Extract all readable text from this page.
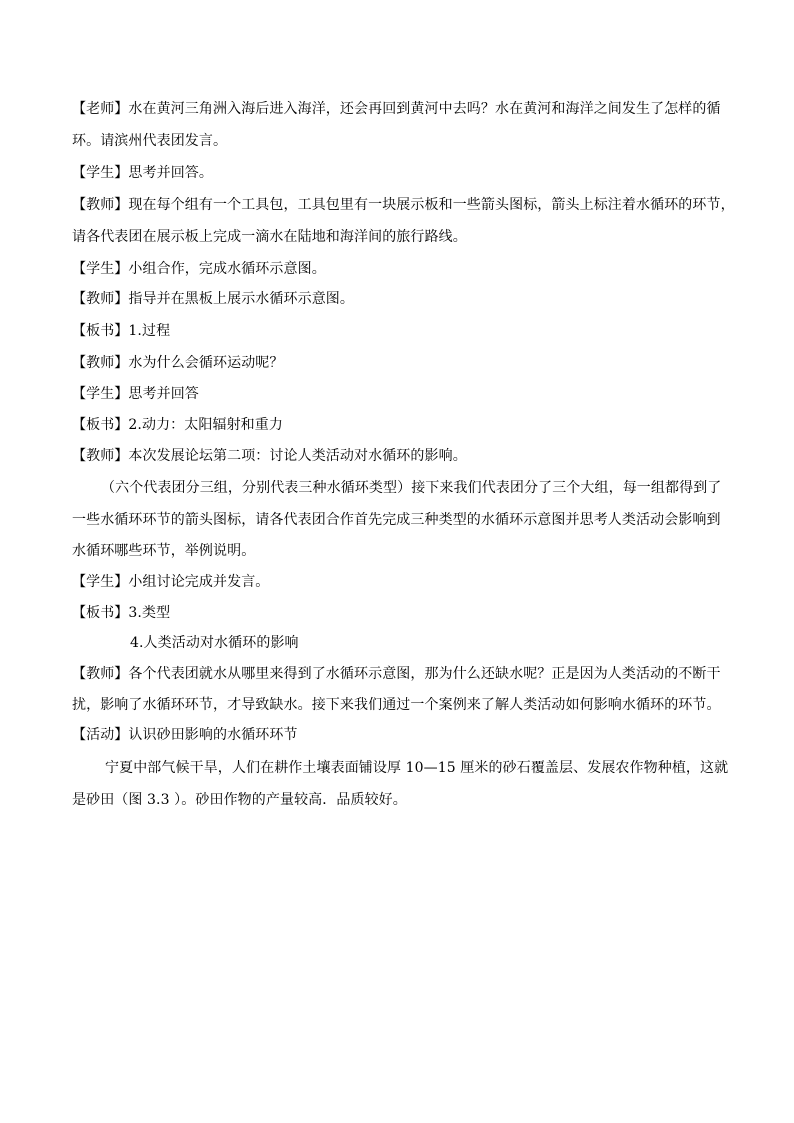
【老师】水在黄河三角洲入海后进入海洋，还会再回到黄河中去吗？水在黄河和海洋之间发生了怎样的循
环。请滨州代表团发言。
【学生】思考并回答。
【教师】现在每个组有一个工具包，工具包里有一块展示板和一些箭头图标，箭头上标注着水循环的环节，
请各代表团在展示板上完成一滴水在陆地和海洋间的旅行路线。
【学生】小组合作，完成水循环示意图。
【教师】指导并在黑板上展示水循环示意图。
【板书】1.过程
【教师】水为什么会循环运动呢？
【学生】思考并回答
【板书】2.动力：太阳辐射和重力
【教师】本次发展论坛第二项：讨论人类活动对水循环的影响。
（六个代表团分三组，分别代表三种水循环类型）接下来我们代表团分了三个大组，每一组都得到了
一些水循环环节的箭头图标，请各代表团合作首先完成三种类型的水循环示意图并思考人类活动会影响到
水循环哪些环节，举例说明。
【学生】小组讨论完成并发言。
【板书】3.类型
4.人类活动对水循环的影响
【教师】各个代表团就水从哪里来得到了水循环示意图，那为什么还缺水呢？正是因为人类活动的不断干
扰，影响了水循环环节，才导致缺水。接下来我们通过一个案例来了解人类活动如何影响水循环的环节。
【活动】认识砂田影响的水循环环节
宁夏中部气候干旱，人们在耕作土壤表面铺设厚 10—15 厘米的砂石覆盖层、发展农作物种植，这就
是砂田（图 3.3 ）。砂田作物的产量较高．品质较好。
